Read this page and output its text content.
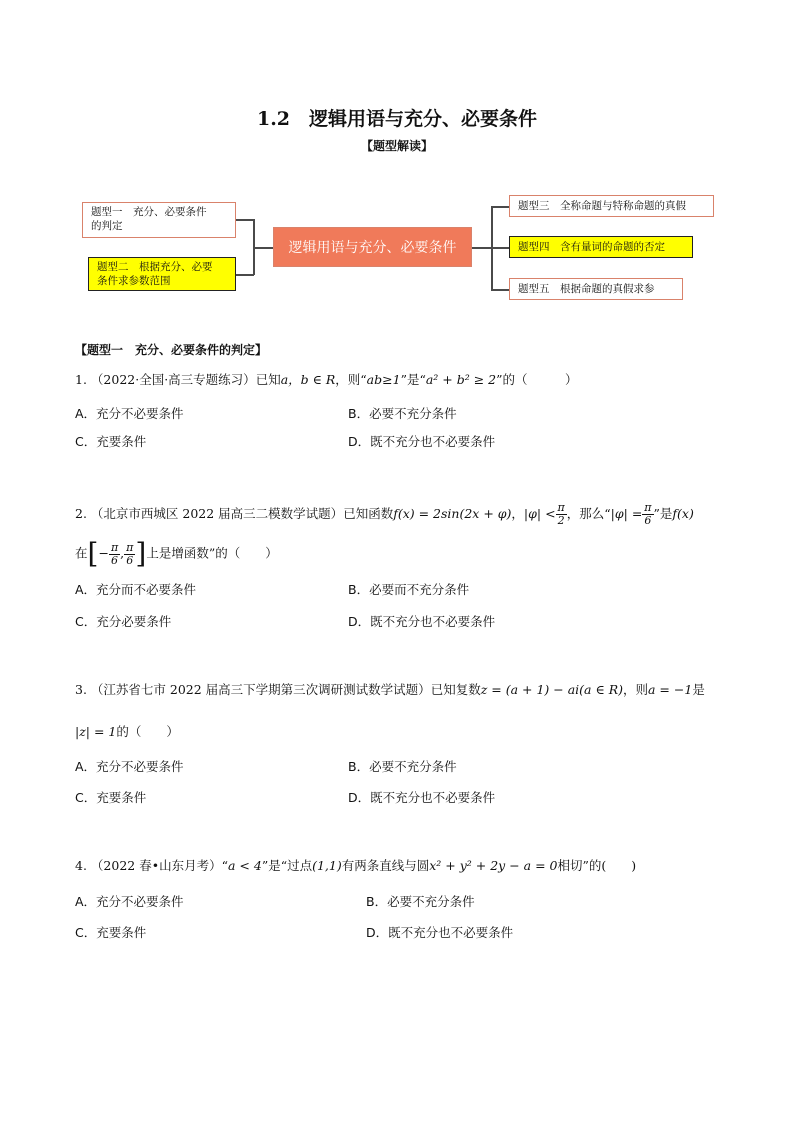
1.2　逻辑用语与充分、必要条件
【题型解读】
题型一　充分、必要条件
的判定
题型二　根据充分、必要
条件求参数范围
逻辑用语与充分、必要条件
题型三　全称命题与特称命题的真假
题型四　含有量词的命题的否定
题型五　根据命题的真假求参
【题型一　充分、必要条件的判定】
1. （2022·全国·高三专题练习）已知a，b ∈ R，则“ab≥1”是“a² + b² ≥ 2”的（　　　）
A．充分不必要条件	B．必要不充分条件
C．充要条件	D．既不充分也不必要条件
2. （北京市西城区 2022 届高三二模数学试题）已知函数f(x) = 2sin(2x + φ)，$|\varphi| < \frac{\pi}{2}$ ，那么“$|\varphi| = \frac{\pi}{6}$ ”是f(x)
在[− $\frac{\pi}{6}$ , $\frac{\pi}{6}$ ]上是增函数”的（　　）
A．充分而不必要条件	B．必要而不充分条件
C．充分必要条件	D．既不充分也不必要条件
3. （江苏省七市 2022 届高三下学期第三次调研测试数学试题）已知复数z = (a + 1) − ai(a ∈ R)，则a = −1是
|z| = 1的（　　）
A．充分不必要条件	B．必要不充分条件
C．充要条件	D．既不充分也不必要条件
4. （2022 春•山东月考）“a < 4”是“过点(1,1)有两条直线与圆x² + y² + 2y − a = 0相切”的(　　)
A．充分不必要条件	B．必要不充分条件
C．充要条件	D．既不充分也不必要条件
